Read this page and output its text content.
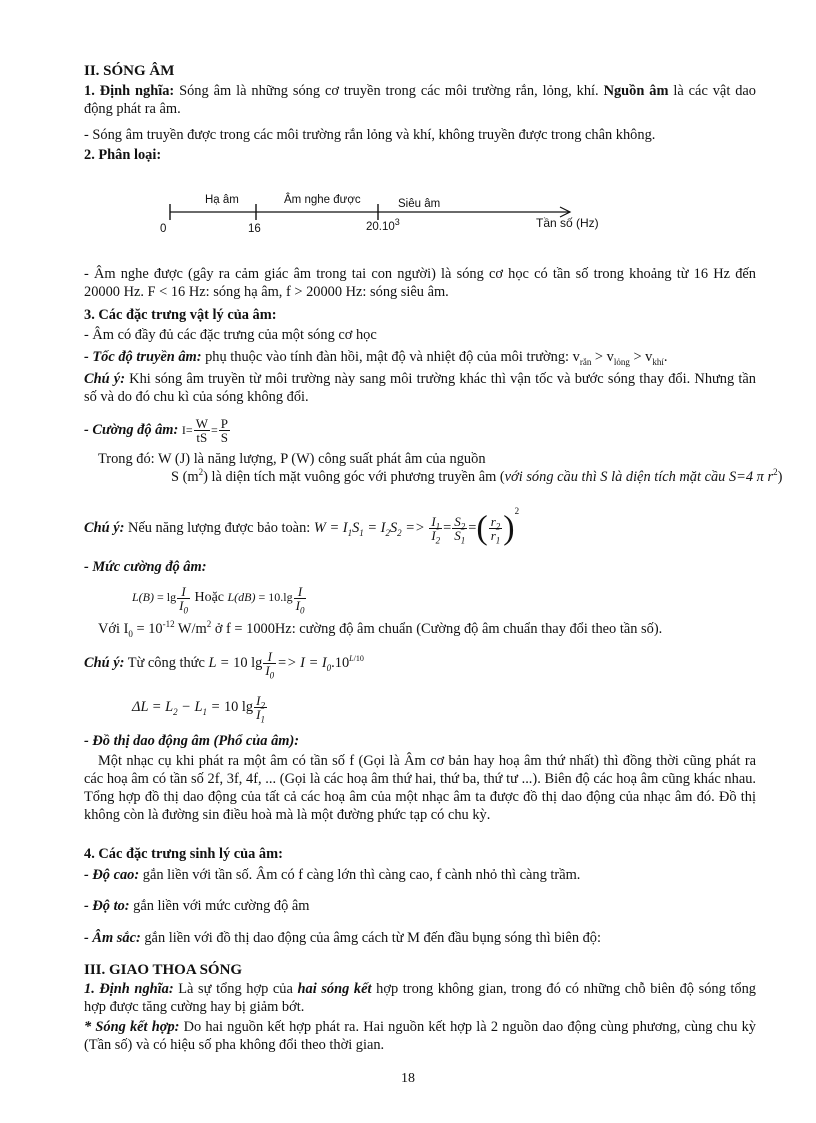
II. SÓNG ÂM
1. Định nghĩa: Sóng âm là những sóng cơ truyền trong các môi trường rắn, lỏng, khí. Nguồn âm là các vật dao động phát ra âm.
- Sóng âm truyền được trong các môi trường rắn lỏng và khí, không truyền được trong chân không.
2. Phân loại:
Hạ âm	Âm nghe được	Siêu âm
0	16	20.10$^3$	Tần số (Hz)
- Âm nghe được (gây ra cảm giác âm trong tai con người) là sóng cơ học có tần số trong khoảng từ 16 Hz đến 20000 Hz. F < 16 Hz: sóng hạ âm, f > 20000 Hz: sóng siêu âm.
3. Các đặc trưng vật lý của âm:
- Âm có đầy đủ các đặc trưng của một sóng cơ học
- Tốc độ truyền âm: phụ thuộc vào tính đàn hồi, mật độ và nhiệt độ của môi trường: $v_{rắn} > v_{lỏng} > v_{khí}$.
Chú ý: Khi sóng âm truyền từ môi trường này sang môi trường khác thì vận tốc và bước sóng thay đổi. Nhưng tần số và do đó chu kì của sóng không đổi.
- Cường độ âm: $I= \frac{W}{tS} = \frac{P}{S}$
Trong đó: W (J) là năng lượng, P (W) công suất phát âm của nguồn
S $(m^2)$ là diện tích mặt vuông góc với phương truyền âm (với sóng cầu thì S là diện tích mặt cầu S=4 π $r^2$)
Chú ý: Nếu năng lượng được bảo toàn: $W = I_1S_1 = I_2S_2 => \frac{I_1}{I_2} = \frac{S_2}{S_1}$ =( $\frac{r_2}{r_1} )^2$
- Mức cường độ âm:
$L(B) = \lg \frac{I}{I_0}$ Hoặc $L(dB) = 10.\lg \frac{I}{I_0}$
Với $I_0 = 10^{-12}$ $W/m^2$ ở f = 1000Hz: cường độ âm chuẩn (Cường độ âm chuẩn thay đổi theo tần số).
Chú ý: Từ công thức L = 10 $\lg \frac{I}{I_0} => I = I_0.10^{L/10}$
$\Delta L = L_2 - L_1 = 10$ $\lg \frac{I_2}{I_1}$
- Đồ thị dao động âm (Phổ của âm):
Một nhạc cụ khi phát ra một âm có tần số f (Gọi là Âm cơ bản hay hoạ âm thứ nhất) thì đồng thời cũng phát ra các hoạ âm có tần số 2f, 3f, 4f, ... (Gọi là các hoạ âm thứ hai, thứ ba, thứ tư ...). Biên độ các hoạ âm cũng khác nhau. Tổng hợp đồ thị dao động của tất cả các hoạ âm của một nhạc âm ta được đồ thị dao động của nhạc âm đó. Đồ thị không còn là đường sin điều hoà mà là một đường phức tạp có chu kỳ.
4. Các đặc trưng sinh lý của âm:
- Độ cao: gắn liền với tần số. Âm có f càng lớn thì càng cao, f cành nhỏ thì càng trầm.
- Độ to: gắn liền với mức cường độ âm
- Âm sắc: gắn liền với đồ thị dao động của âmg cách từ M đến đầu bụng sóng thì biên độ:
III. GIAO THOA SÓNG
1. Định nghĩa: Là sự tổng hợp của hai sóng kết hợp trong không gian, trong đó có những chỗ biên độ sóng tổng hợp được tăng cường hay bị giảm bớt.
* Sóng kết hợp: Do hai nguồn kết hợp phát ra. Hai nguồn kết hợp là 2 nguồn dao động cùng phương, cùng chu kỳ (Tần số) và có hiệu số pha không đổi theo thời gian.
18
